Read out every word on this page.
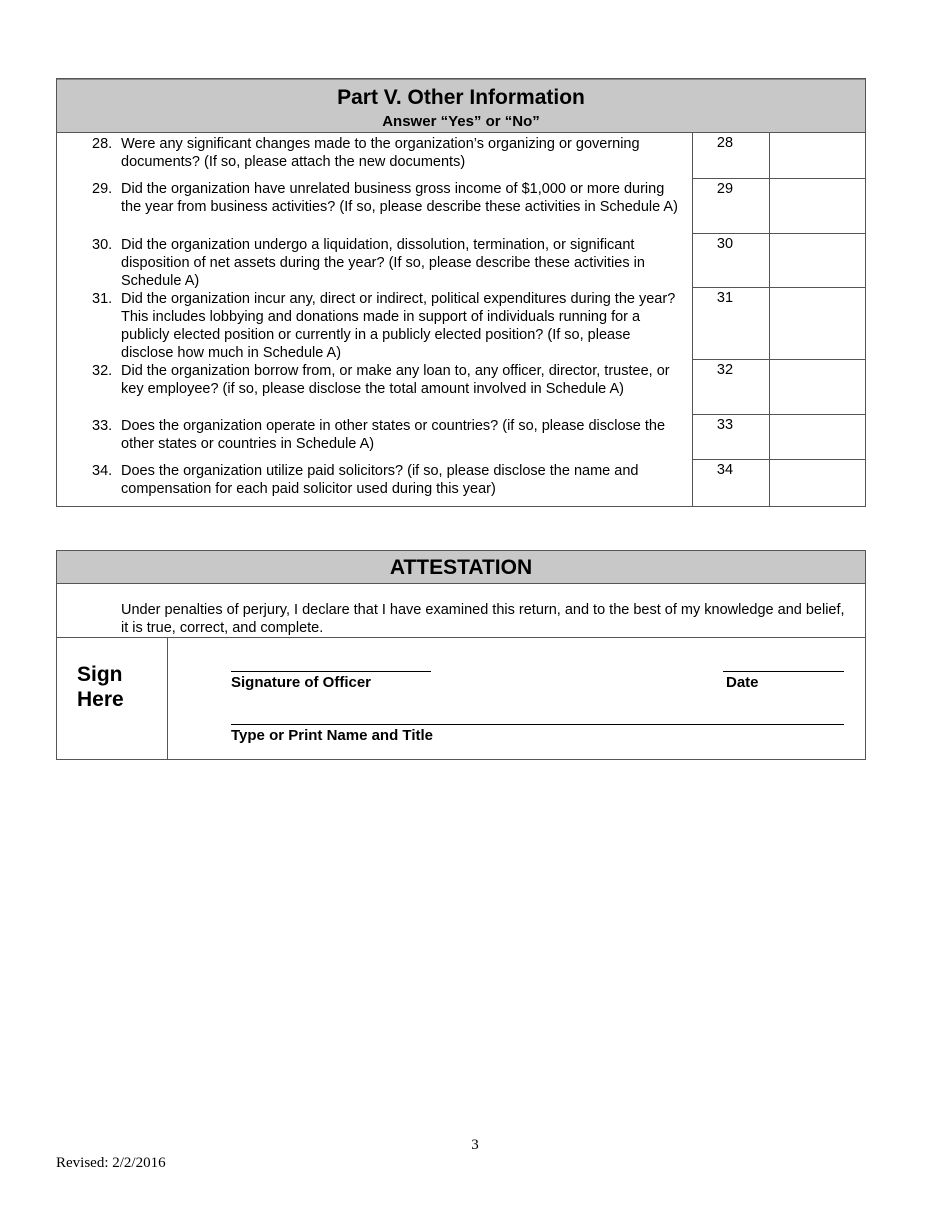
Part V. Other Information
Answer “Yes” or “No”
28. Were any significant changes made to the organization’s organizing or governing documents? (If so, please attach the new documents)
28
29. Did the organization have unrelated business gross income of $1,000 or more during the year from business activities? (If so, please describe these activities in Schedule A)
29
30. Did the organization undergo a liquidation, dissolution, termination, or significant disposition of net assets during the year? (If so, please describe these activities in Schedule A)
30
31. Did the organization incur any, direct or indirect, political expenditures during the year? This includes lobbying and donations made in support of individuals running for a publicly elected position or currently in a publicly elected position? (If so, please disclose how much in Schedule A)
31
32. Did the organization borrow from, or make any loan to, any officer, director, trustee, or key employee? (if so, please disclose the total amount involved in Schedule A)
32
33. Does the organization operate in other states or countries? (if so, please disclose the other states or countries in Schedule A)
33
34. Does the organization utilize paid solicitors? (if so, please disclose the name and compensation for each paid solicitor used during this year)
34
ATTESTATION
Under penalties of perjury, I declare that I have examined this return, and to the best of my knowledge and belief, it is true, correct, and complete.
Sign
Here
Signature of Officer	Date
Type or Print Name and Title
3
Revised: 2/2/2016
